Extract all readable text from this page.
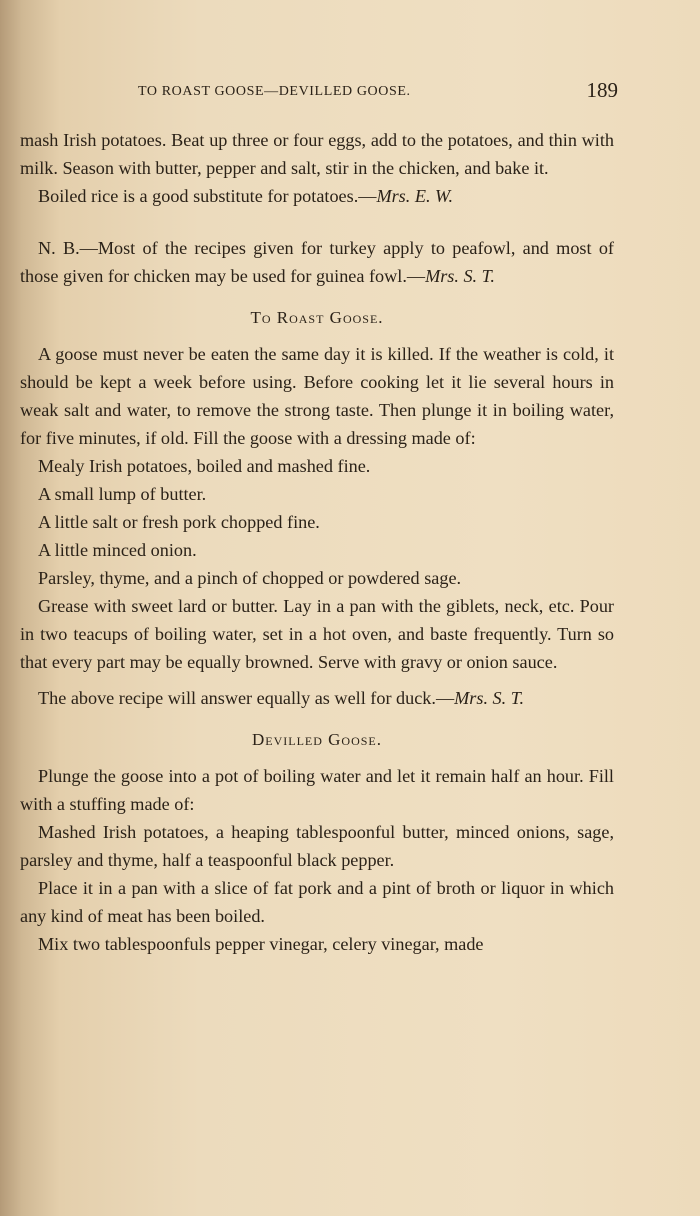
TO ROAST GOOSE—DEVILLED GOOSE.	189

mash Irish potatoes. Beat up three or four eggs, add to the potatoes, and thin with milk. Season with butter, pepper and salt, stir in the chicken, and bake it.

Boiled rice is a good substitute for potatoes.—Mrs. E. W.

N. B.—Most of the recipes given for turkey apply to peafowl, and most of those given for chicken may be used for guinea fowl.—Mrs. S. T.

To Roast Goose.

A goose must never be eaten the same day it is killed. If the weather is cold, it should be kept a week before using. Before cooking let it lie several hours in weak salt and water, to remove the strong taste. Then plunge it in boiling water, for five minutes, if old. Fill the goose with a dressing made of:

Mealy Irish potatoes, boiled and mashed fine.

A small lump of butter.

A little salt or fresh pork chopped fine.

A little minced onion.

Parsley, thyme, and a pinch of chopped or powdered sage.

Grease with sweet lard or butter. Lay in a pan with the giblets, neck, etc. Pour in two teacups of boiling water, set in a hot oven, and baste frequently. Turn so that every part may be equally browned. Serve with gravy or onion sauce.

The above recipe will answer equally as well for duck.—Mrs. S. T.

Devilled Goose.

Plunge the goose into a pot of boiling water and let it remain half an hour. Fill with a stuffing made of:

Mashed Irish potatoes, a heaping tablespoonful butter, minced onions, sage, parsley and thyme, half a teaspoonful black pepper.

Place it in a pan with a slice of fat pork and a pint of broth or liquor in which any kind of meat has been boiled.

Mix two tablespoonfuls pepper vinegar, celery vinegar, made
